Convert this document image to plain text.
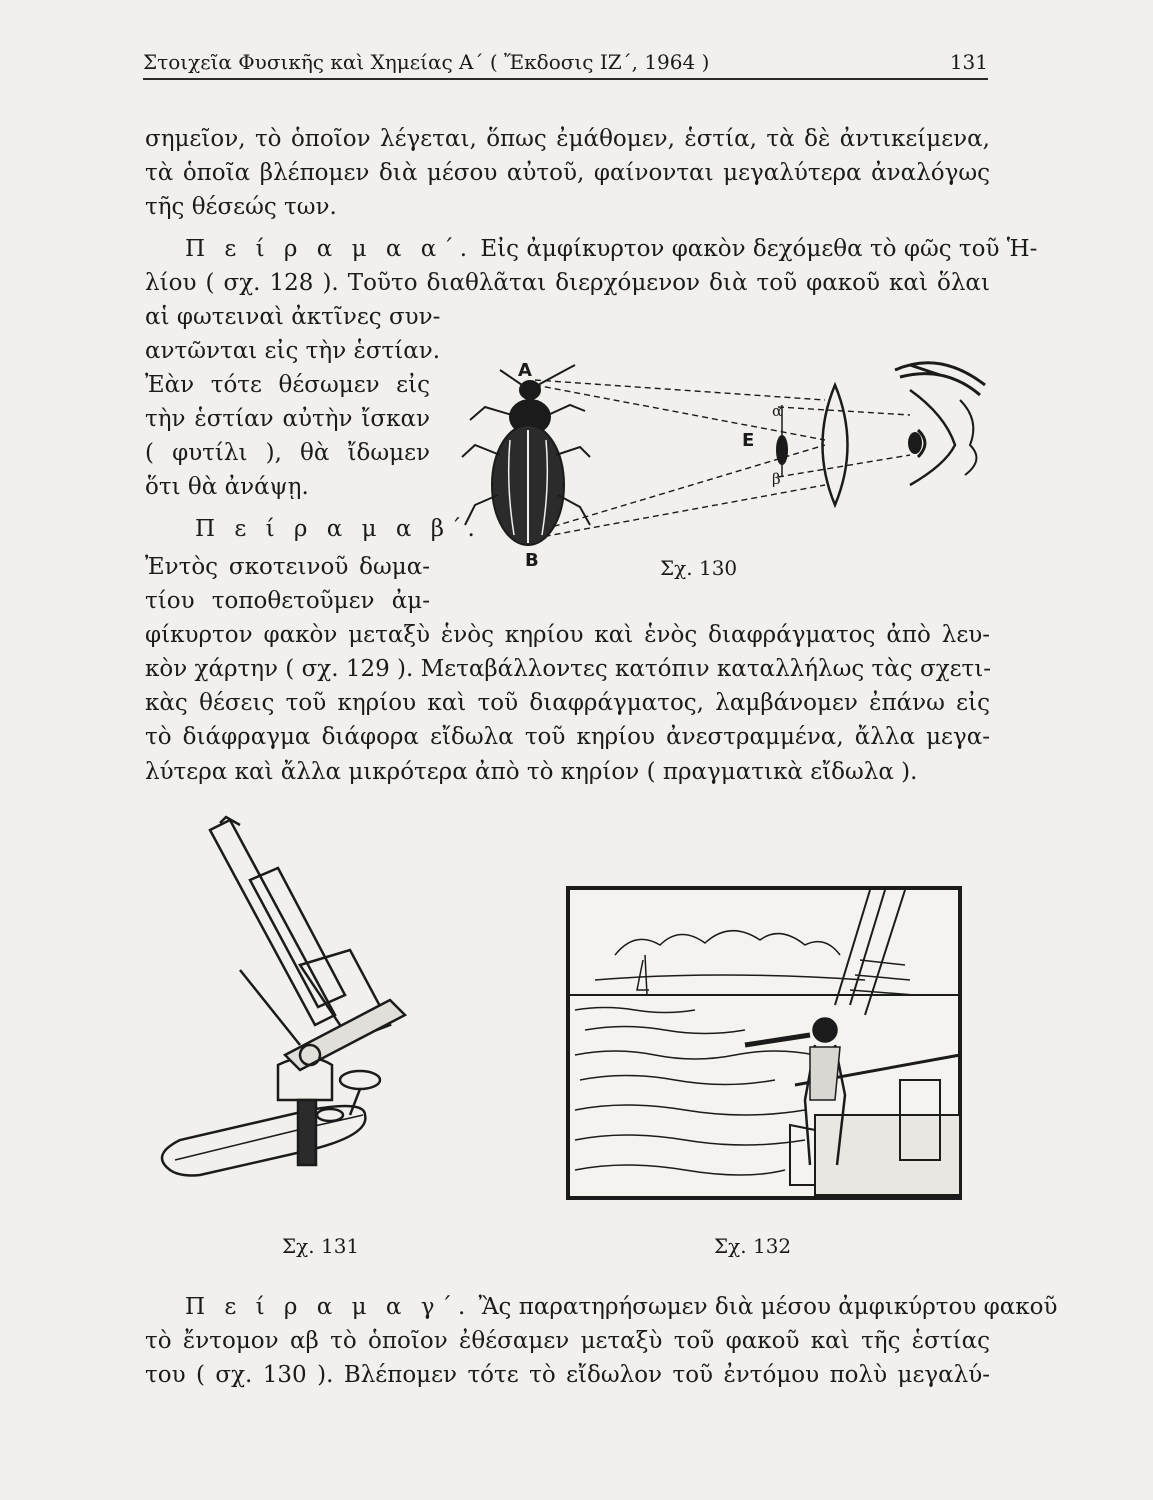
Στοιχεῖα Φυσικῆς καὶ Χημείας Α΄ ( Ἔκδοσις ΙΖ΄, 1964 )	131
σημεῖον, τὸ ὁποῖον λέγεται, ὅπως ἐμάθομεν, ἑστία, τὰ δὲ ἀντικείμενα,
τὰ ὁποῖα βλέπομεν διὰ μέσου αὐτοῦ, φαίνονται μεγαλύτερα ἀναλόγως
τῆς θέσεώς των.
Π ε ί ρ α μ α α΄. Εἰς ἀμφίκυρτον φακὸν δεχόμεθα τὸ φῶς τοῦ Ἡ-
λίου ( σχ. 128 ). Τοῦτο διαθλᾶται διερχόμενον διὰ τοῦ φακοῦ καὶ ὅλαι
αἱ φωτειναὶ ἀκτῖνες συν-
αντῶνται εἰς τὴν ἑστίαν.
Ἐὰν τότε θέσωμεν εἰς
τὴν ἑστίαν αὐτὴν ἴσκαν
( φυτίλι ), θὰ ἴδωμεν
ὅτι θὰ ἀνάψῃ.
Π ε ί ρ α μ α β΄.
Ἐντὸς σκοτεινοῦ δωμα-
τίου τοποθετοῦμεν ἀμ-
φίκυρτον φακὸν μεταξὺ ἑνὸς κηρίου καὶ ἑνὸς διαφράγματος ἀπὸ λευ-
κὸν χάρτην ( σχ. 129 ). Μεταβάλλοντες κατόπιν καταλλήλως τὰς σχετι-
κὰς θέσεις τοῦ κηρίου καὶ τοῦ διαφράγματος, λαμβάνομεν ἐπάνω εἰς
τὸ διάφραγμα διάφορα εἴδωλα τοῦ κηρίου ἀνεστραμμένα, ἄλλα μεγα-
λύτερα καὶ ἄλλα μικρότερα ἀπὸ τὸ κηρίον ( πραγματικὰ εἴδωλα ).
Α
Β
Ε
α
β
Σχ. 130
Σχ. 131	Σχ. 132
Π ε ί ρ α μ α γ΄. Ἂς παρατηρήσωμεν διὰ μέσου ἀμφικύρτου φακοῦ
τὸ ἔντομον αβ τὸ ὁποῖον ἐθέσαμεν μεταξὺ τοῦ φακοῦ καὶ τῆς ἑστίας
του ( σχ. 130 ). Βλέπομεν τότε τὸ εἴδωλον τοῦ ἐντόμου πολὺ μεγαλύ-
